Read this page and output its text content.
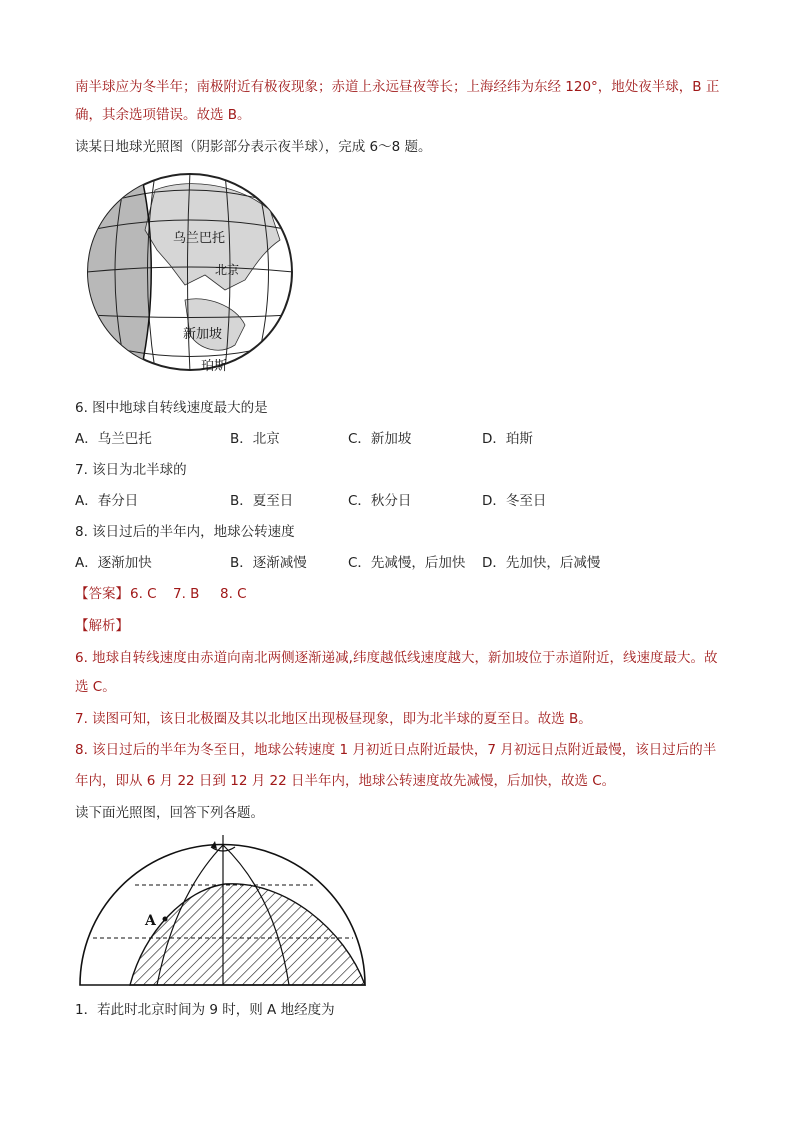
南半球应为冬半年；南极附近有极夜现象；赤道上永远昼夜等长；上海经纬为东经 120°，地处夜半球，B 正
确，其余选项错误。故选 B。
读某日地球光照图（阴影部分表示夜半球），完成 6～8 题。
乌兰巴托
北京
新加坡
珀斯
6. 图中地球自转线速度最大的是
A．乌兰巴托	B．北京	C．新加坡	D．珀斯
7. 该日为北半球的
A．春分日	B．夏至日	C．秋分日	D．冬至日
8. 该日过后的半年内，地球公转速度
A．逐渐加快	B．逐渐减慢	C．先减慢，后加快 D．先加快，后减慢
【答案】 6. C 7. B 8. C
【解析】
6. 地球自转线速度由赤道向南北两侧逐渐递减,纬度越低线速度越大，新加坡位于赤道附近，线速度最大。故
选 C。
7. 读图可知，该日北极圈及其以北地区出现极昼现象，即为北半球的夏至日。故选 B。
8. 该日过后的半年为冬至日，地球公转速度 1 月初近日点附近最快，7 月初远日点附近最慢，该日过后的半
年内，即从 6 月 22 日到 12 月 22 日半年内，地球公转速度故先减慢，后加快，故选 C。
读下面光照图，回答下列各题。
A
1．若此时北京时间为 9 时，则 A 地经度为
